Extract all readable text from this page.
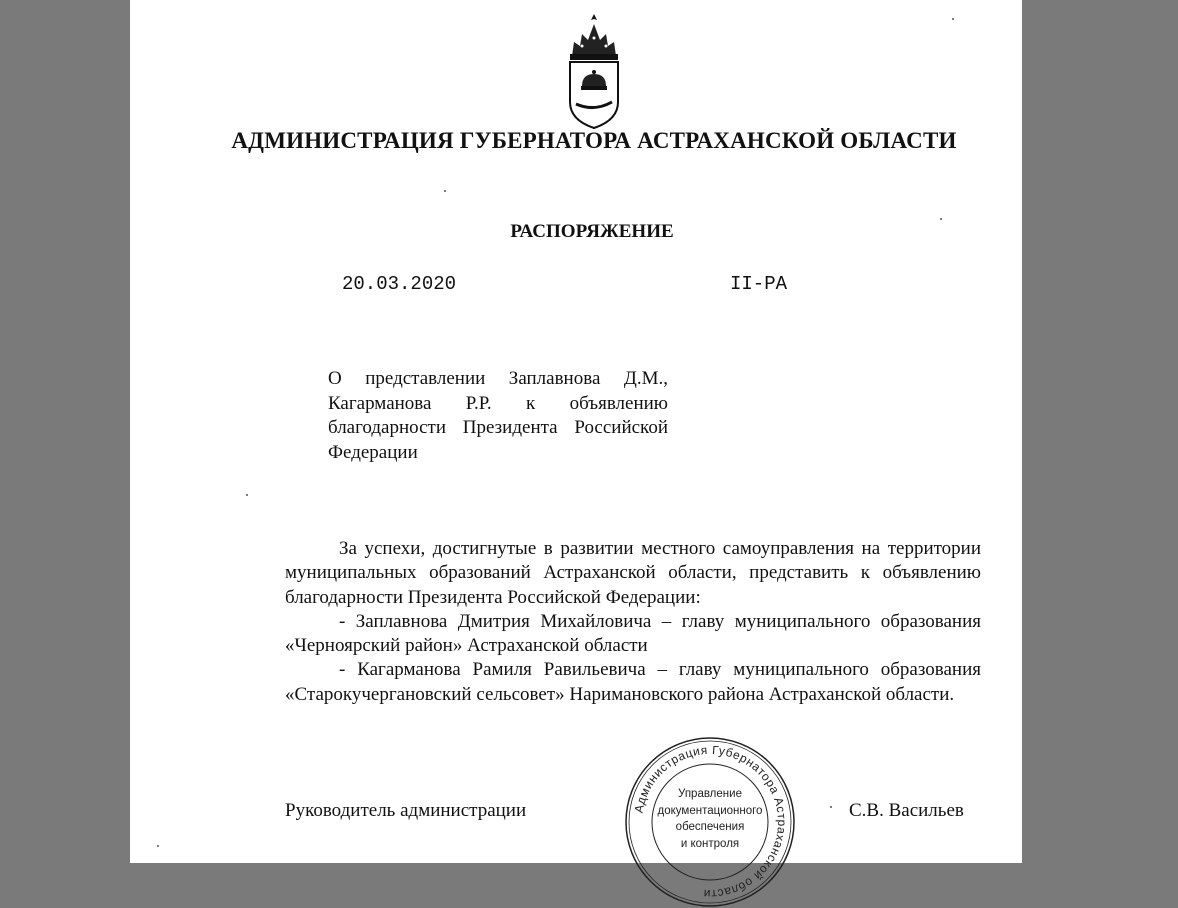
АДМИНИСТРАЦИЯ ГУБЕРНАТОРА АСТРАХАНСКОЙ ОБЛАСТИ
РАСПОРЯЖЕНИЕ
20.03.2020	II-PA
О представлении Заплавнова Д.М., Кагарманова Р.Р. к объявлению благодарности Президента Российской Федерации

За успехи, достигнутые в развитии местного самоуправления на территории муниципальных образований Астраханской области, представить к объявлению благодарности Президента Российской Федерации:

- Заплавнова Дмитрия Михайловича – главу муниципального образования «Черноярский район» Астраханской области

- Кагарманова Рамиля Равильевича – главу муниципального образования «Старокучергановский сельсовет» Наримановского района Астраханской области.

Руководитель администрации	Администрация Губернатора Астраханской области
Управление
документационного
обеспечения
и контроля
С.В. Васильев
